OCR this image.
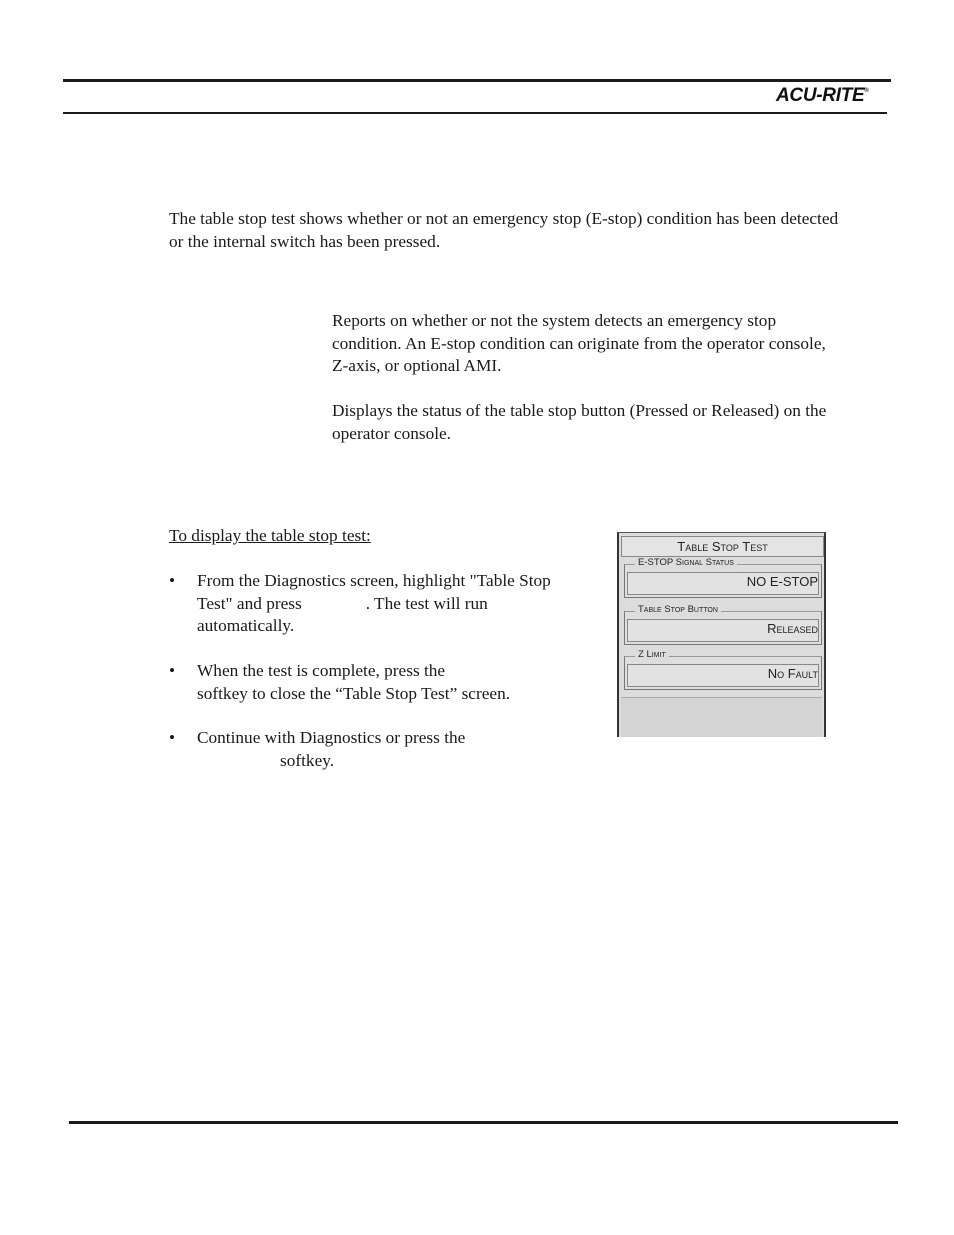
ACU-RITE®
The table stop test shows whether or not an emergency stop (E-stop) condition has been detected or the internal switch has been pressed.
Reports on whether or not the system detects an emergency stop condition. An E-stop condition can originate from the operator console, Z-axis, or optional AMI.
Displays the status of the table stop button (Pressed or Released) on the operator console.
To display the table stop test:
• From the Diagnostics screen, highlight "Table Stop Test" and press	. The test will run automatically.
• When the test is complete, press the
softkey to close the “Table Stop Test” screen.
• Continue with Diagnostics or press the
softkey.
Table Stop Test
E-STOP Signal Status
NO E-STOP
Table Stop Button
Released
Z Limit
No Fault
